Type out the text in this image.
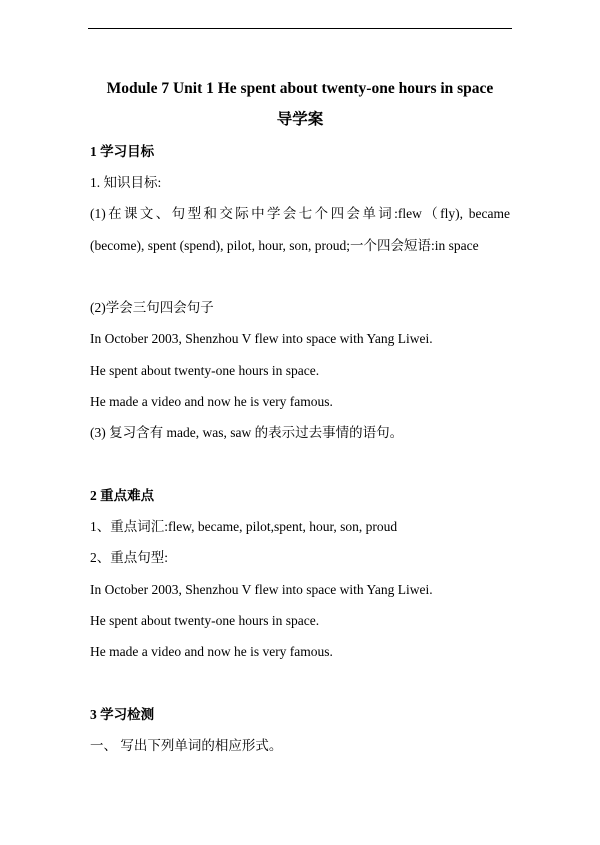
Module 7 Unit 1 He spent about twenty-one hours in space
导学案
1 学习目标
1. 知识目标:
(1)在课文、句型和交际中学会七个四会单词:flew（fly), became
(become), spent (spend), pilot, hour, son, proud;一个四会短语:in space
(2)学会三句四会句子
In October 2003, Shenzhou V flew into space with Yang Liwei.
He spent about twenty-one hours in space.
He made a video and now he is very famous.
(3) 复习含有 made, was, saw 的表示过去事情的语句。
2 重点难点
1、重点词汇:flew, became, pilot,spent, hour, son, proud
2、重点句型:
In October 2003, Shenzhou V flew into space with Yang Liwei.
He spent about twenty-one hours in space.
He made a video and now he is very famous.
3 学习检测
一、 写出下列单词的相应形式。
